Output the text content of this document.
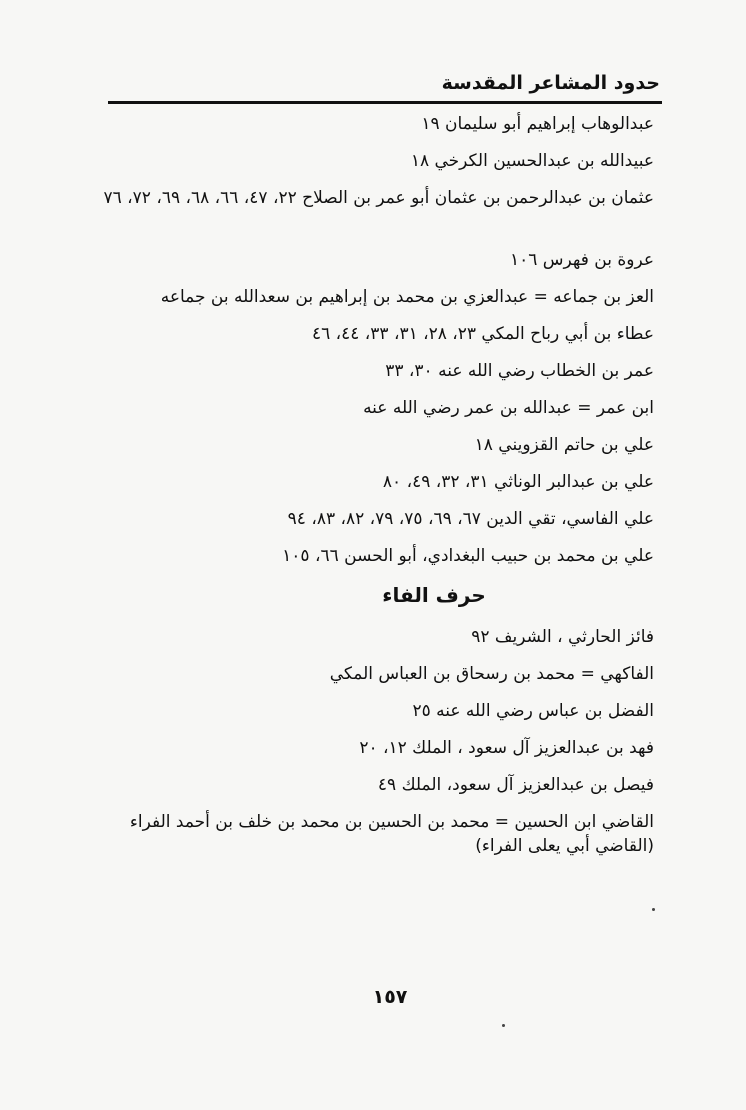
حدود المشاعر المقدسة
عبدالوهاب إبراهيم أبو سليمان ١٩
عبيدالله بن عبدالحسين الكرخي ١٨
عثمان بن عبدالرحمن بن عثمان أبو عمر بن الصلاح ٢٢، ٤٧، ٦٦، ٦٨، ٦٩، ٧٢، ٧٦
عروة بن فهرس ١٠٦
العز بن جماعه = عبدالعزي بن محمد بن إبراهيم بن سعدالله بن جماعه
عطاء بن أبي رباح المكي ٢٣، ٢٨، ٣١، ٣٣، ٤٤، ٤٦
عمر بن الخطاب رضي الله عنه ٣٠، ٣٣
ابن عمر = عبدالله بن عمر رضي الله عنه
علي بن حاتم القزويني ١٨
علي بن عبدالبر الوناثي ٣١، ٣٢، ٤٩، ٨٠
علي الفاسي، تقي الدين ٦٧، ٦٩، ٧٥، ٧٩، ٨٢، ٨٣، ٩٤
علي بن محمد بن حبيب البغدادي، أبو الحسن ٦٦، ١٠٥
حرف الفاء
فائز الحارثي ، الشريف ٩٢
الفاكهي = محمد بن رسحاق بن العباس المكي
الفضل بن عباس رضي الله عنه ٢٥
فهد بن عبدالعزيز آل سعود ، الملك ١٢، ٢٠
فيصل بن عبدالعزيز آل سعود، الملك ٤٩
القاضي ابن الحسين = محمد بن الحسين بن محمد بن خلف بن أحمد الفراء (القاضي أبي يعلى الفراء)
١٥٧
